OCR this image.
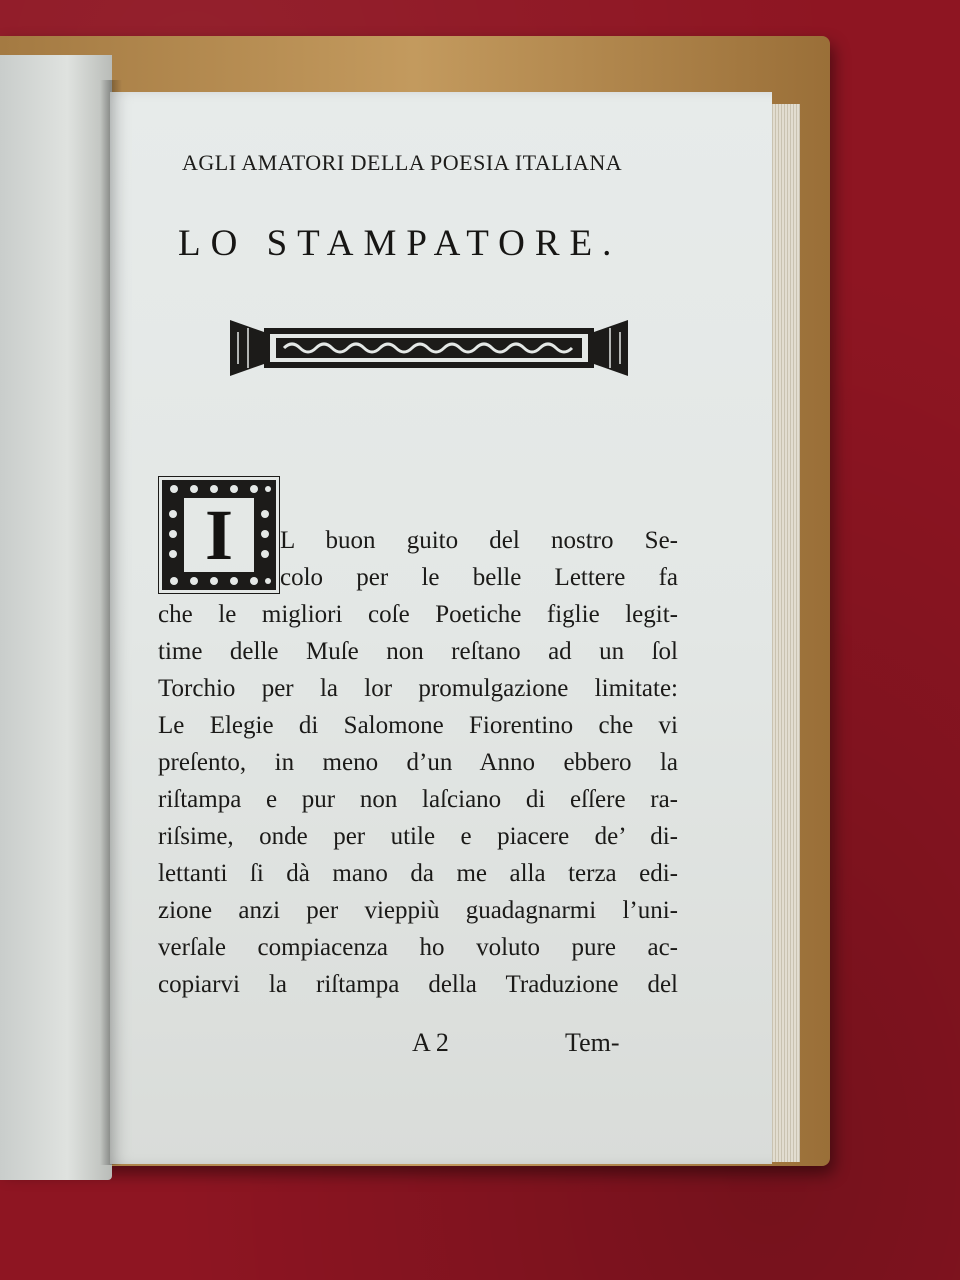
AGLI AMATORI DELLA POESIA ITALIANA
LO STAMPATORE.
I	L buon guito del nostro Se-
colo per le belle Lettere fa
che le migliori coſe Poetiche figlie legit-
time delle Muſe non reſtano ad un ſol
Torchio per la lor promulgazione limitate:
Le Elegie di Salomone Fiorentino che vi
preſento, in meno d’un Anno ebbero la
riſtampa e pur non laſciano di eſſere ra-
riſsime, onde per utile e piacere de’ di-
lettanti ſi dà mano da me alla terza edi-
zione anzi per vieppiù guadagnarmi l’uni-
verſale compiacenza ho voluto pure ac-
copiarvi la riſtampa della Traduzione del
A 2	Tem-
